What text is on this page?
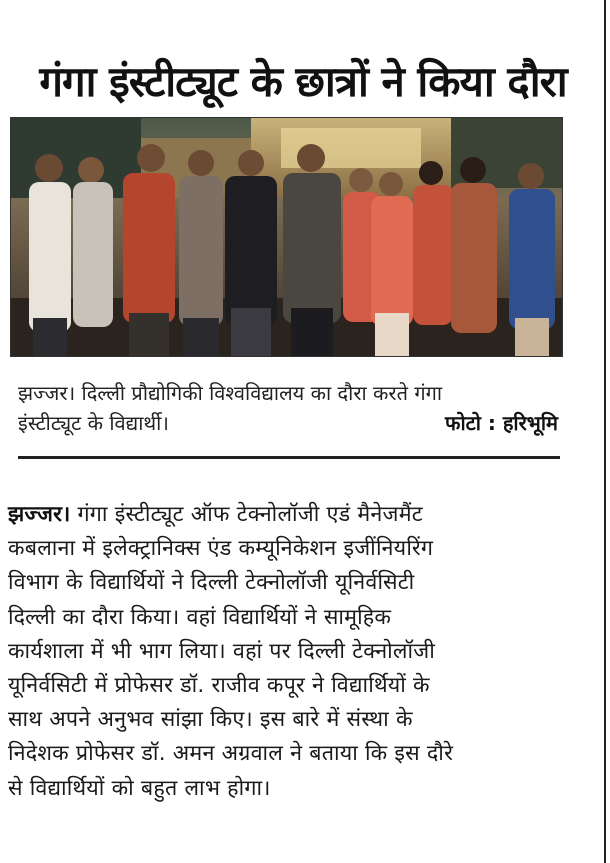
गंगा इंस्टीट्यूट के छात्रों ने किया दौरा
झज्जर। दिल्ली प्रौद्योगिकी विश्वविद्यालय का दौरा करते गंगा
इंस्टीट्यूट के विद्यार्थी।	फोटो : हरिभूमि
झज्जर। गंगा इंस्टीट्यूट ऑफ टेक्नोलॉजी एडं मैनेजमैंट
कबलाना में इलेक्ट्रानिक्स एंड कम्यूनिकेशन इजींनियरिंग
विभाग के विद्यार्थियों ने दिल्ली टेक्नोलॉजी यूनिर्वसिटी
दिल्ली का दौरा किया। वहां विद्यार्थियों ने सामूहिक
कार्यशाला में भी भाग लिया। वहां पर दिल्ली टेक्नोलॉजी
यूनिर्वसिटी में प्रोफेसर डॉ. राजीव कपूर ने विद्यार्थियों के
साथ अपने अनुभव सांझा किए। इस बारे में संस्था के
निदेशक प्रोफेसर डॉ. अमन अग्रवाल ने बताया कि इस दौरे
से विद्यार्थियों को बहुत लाभ होगा।
